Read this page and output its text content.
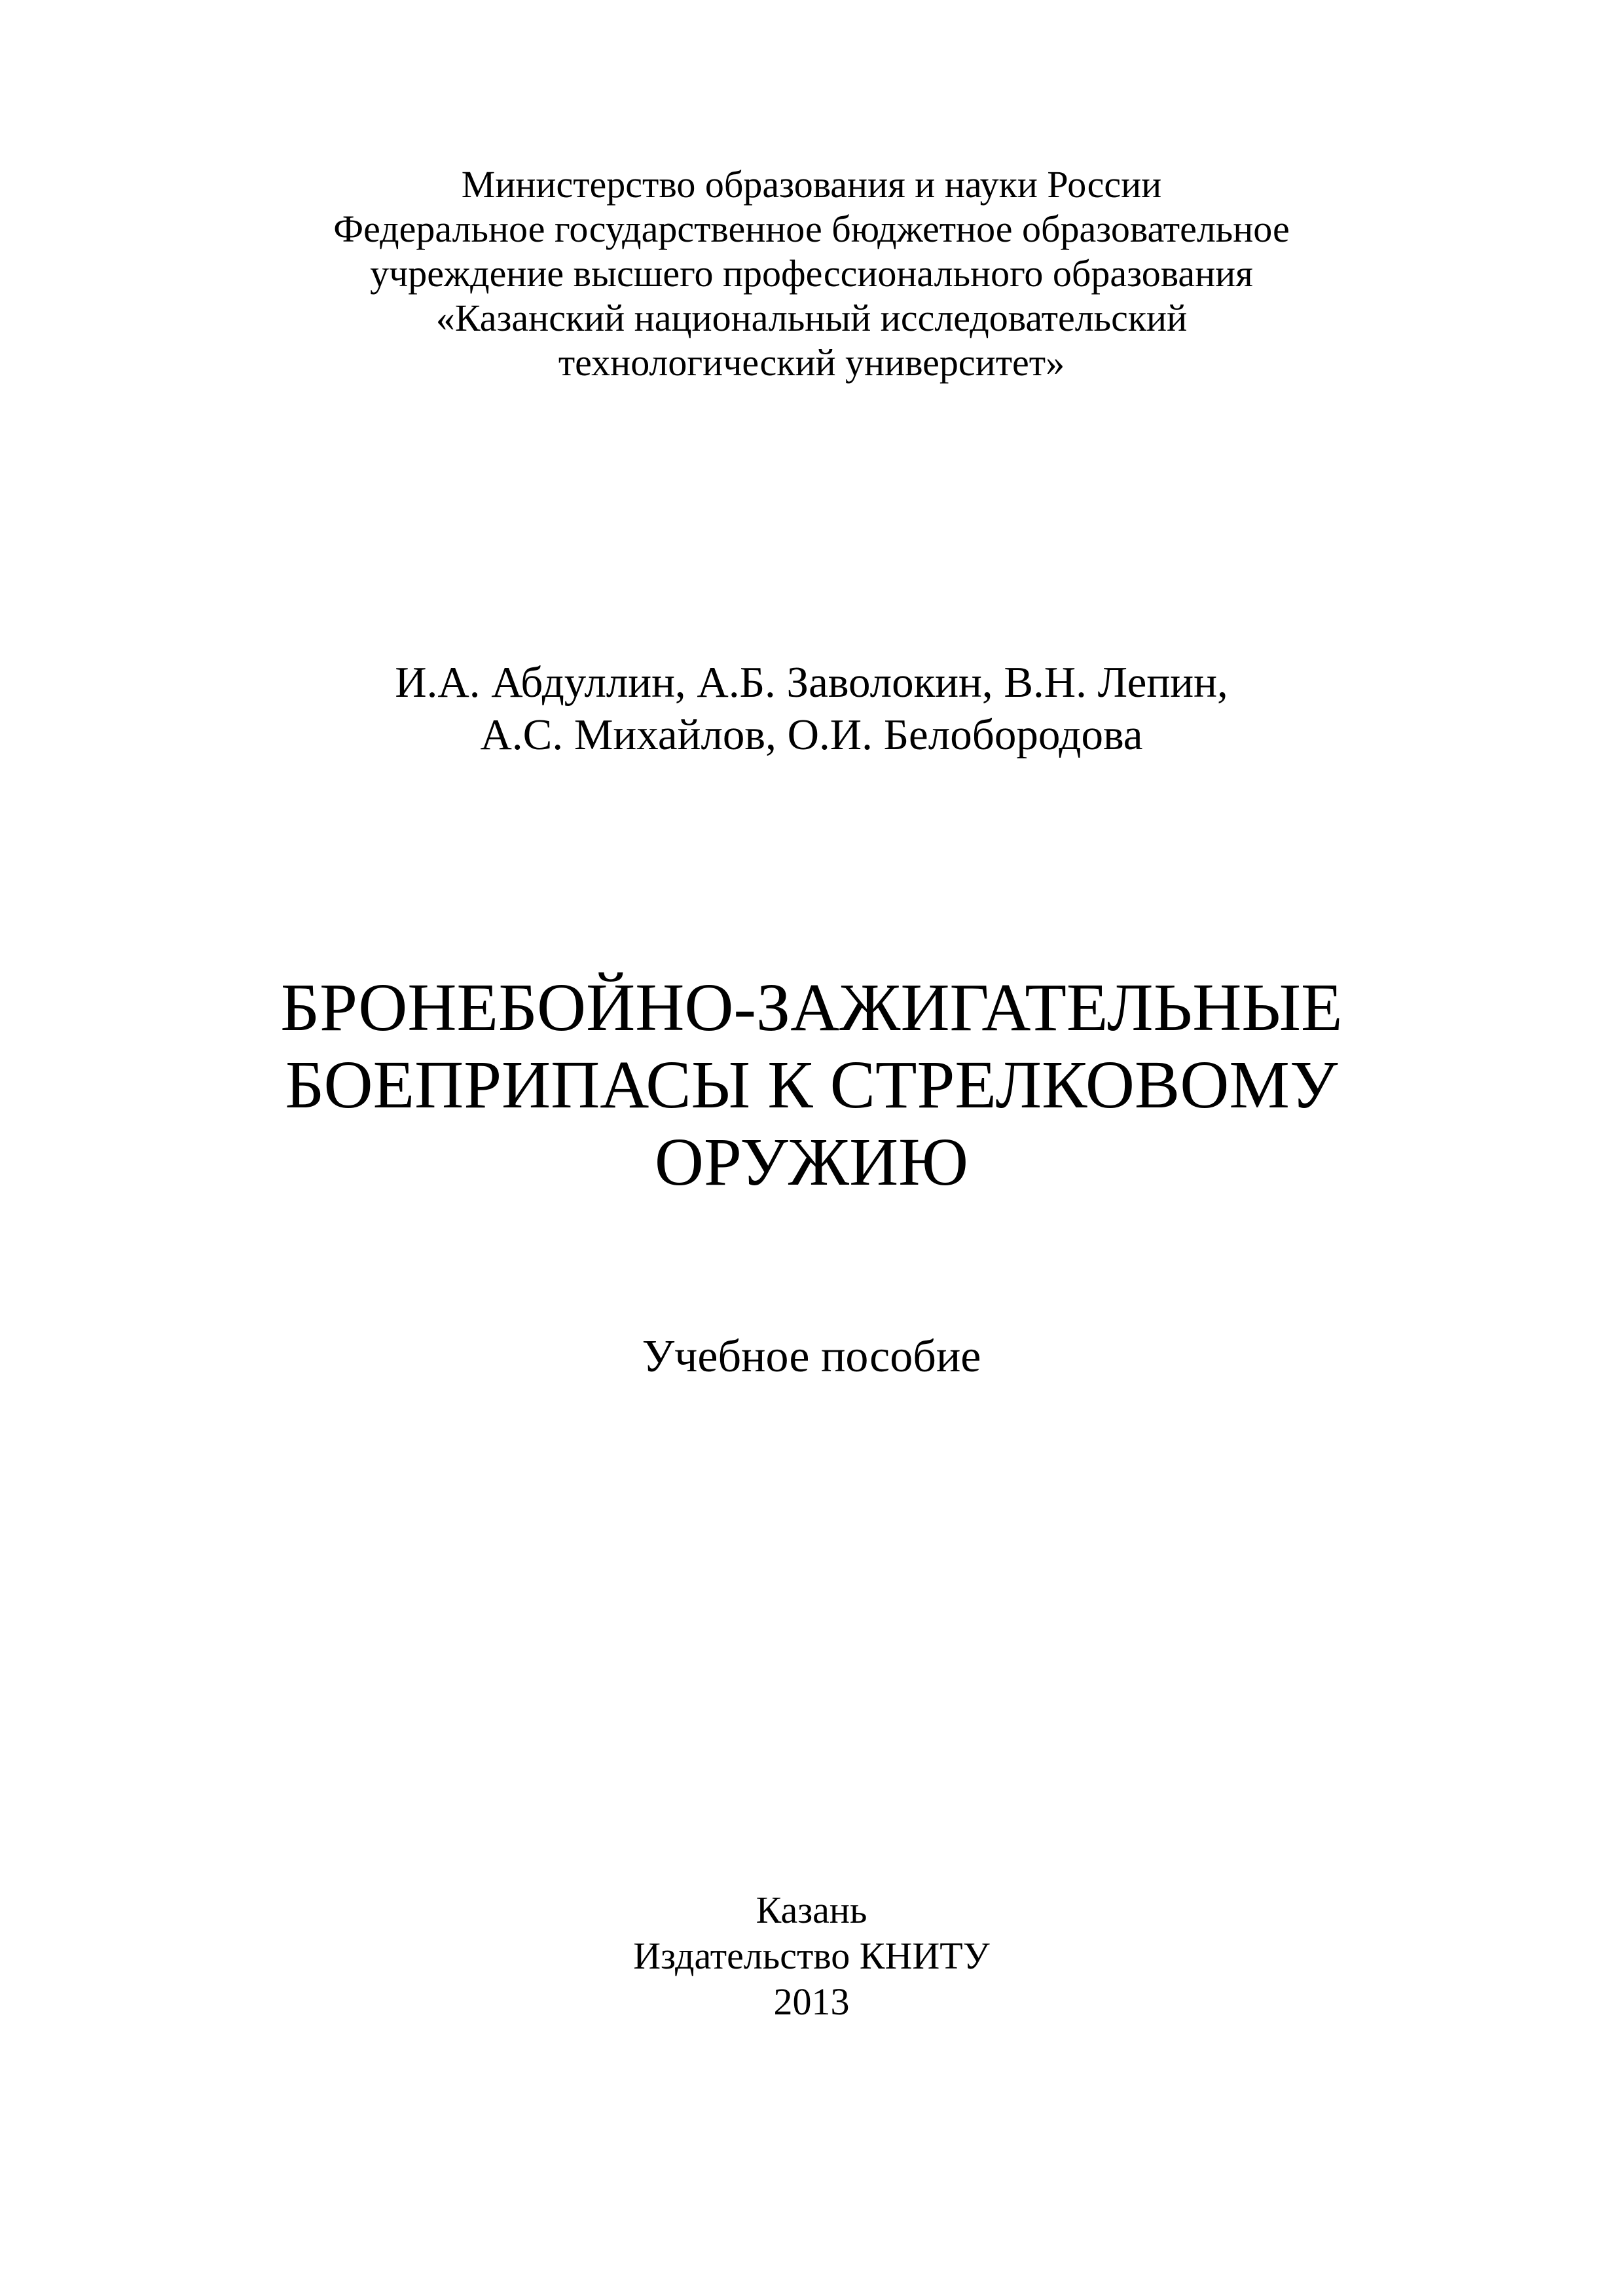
Министерство образования и науки России
Федеральное государственное бюджетное образовательное
учреждение высшего профессионального образования
«Казанский национальный исследовательский
технологический университет»
И.А. Абдуллин, А.Б. Заволокин, В.Н. Лепин,
А.С. Михайлов, О.И. Белобородова
БРОНЕБОЙНО-ЗАЖИГАТЕЛЬНЫЕ
БОЕПРИПАСЫ К СТРЕЛКОВОМУ
ОРУЖИЮ
Учебное пособие
Казань
Издательство КНИТУ
2013
